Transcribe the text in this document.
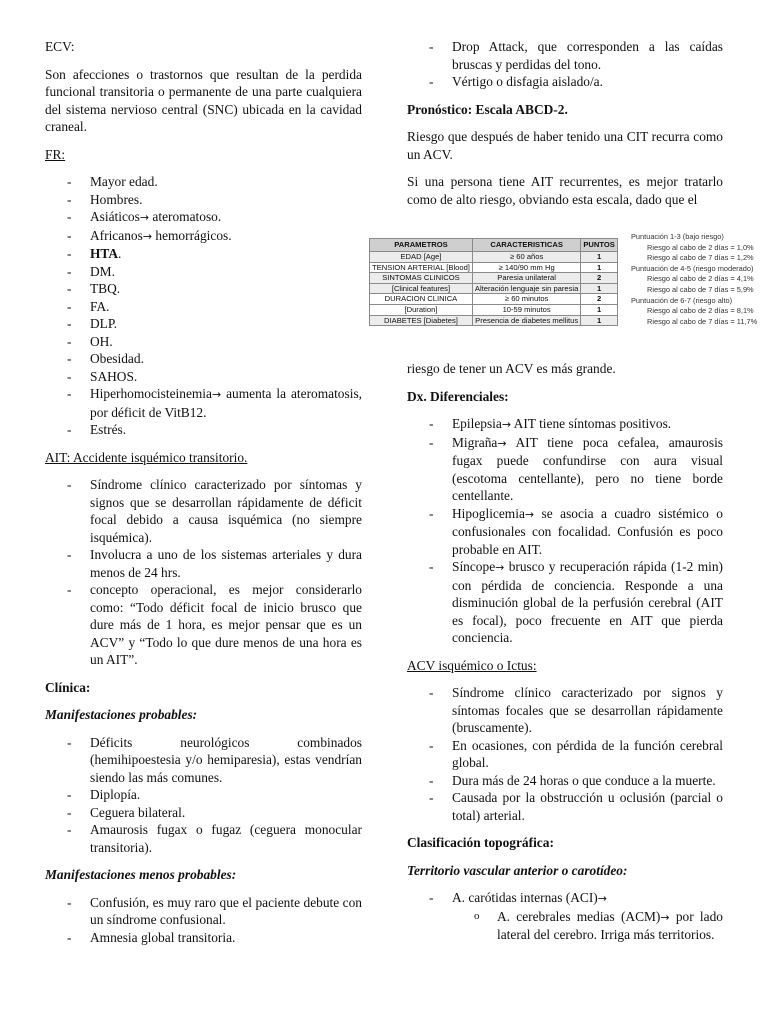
ECV:

Son afecciones o trastornos que resultan de la perdida funcional transitoria o permanente de una parte cualquiera del sistema nervioso central (SNC) ubicada en la cavidad craneal.

FR:

- Mayor edad.
- Hombres.
- Asiáticos→ ateromatoso.
- Africanos→ hemorrágicos.
- HTA.
- DM.
- TBQ.
- FA.
- DLP.
- OH.
- Obesidad.
- SAHOS.
- Hiperhomocisteinemia→ aumenta la ateromatosis, por déficit de VitB12.
- Estrés.

AIT: Accidente isquémico transitorio.

- Síndrome clínico caracterizado por síntomas y signos que se desarrollan rápidamente de déficit focal debido a causa isquémica (no siempre isquémica).
- Involucra a uno de los sistemas arteriales y dura menos de 24 hrs.
- concepto operacional, es mejor considerarlo como: “Todo déficit focal de inicio brusco que dure más de 1 hora, es mejor pensar que es un ACV” y “Todo lo que dure menos de una hora es un AIT”.

Clínica:

Manifestaciones probables:

- Déficits neurológicos combinados (hemihipoestesia y/o hemiparesia), estas vendrían siendo las más comunes.
- Diplopía.
- Ceguera bilateral.
- Amaurosis fugax o fugaz (ceguera monocular transitoria).

Manifestaciones menos probables:

- Confusión, es muy raro que el paciente debute con un síndrome confusional.
- Amnesia global transitoria.
- Drop Attack, que corresponden a las caídas bruscas y perdidas del tono.
- Vértigo o disfagia aislado/a.

Pronóstico: Escala ABCD-2.

Riesgo que después de haber tenido una CIT recurra como un ACV.

Si una persona tiene AIT recurrentes, es mejor tratarlo como de alto riesgo, obviando esta escala, dado que el

PARAMETROS	CARACTERISTICAS	PUNTOS
EDAD [Age]	≥ 60 años	1
TENSION ARTERIAL [Blood]	≥ 140/90 mm Hg	1
SINTOMAS CLINICOS	Paresia unilateral	2
[Clinical features]	Alteración lenguaje sin paresia	1
DURACION CLINICA	≥ 60 minutos	2
[Duration]	10-59 minutos	1
DIABETES [Diabetes]	Presencia de diabetes mellitus	1
Puntuación 1-3 (bajo riesgo)
Riesgo al cabo de 2 días = 1,0%
Riesgo al cabo de 7 días = 1,2%
Puntuación de 4-5 (riesgo moderado)
Riesgo al cabo de 2 días = 4,1%
Riesgo al cabo de 7 días = 5,9%
Puntuación de 6-7 (riesgo alto)
Riesgo al cabo de 2 días = 8,1%
Riesgo al cabo de 7 días = 11,7%

riesgo de tener un ACV es más grande.

Dx. Diferenciales:

- Epilepsia→ AIT tiene síntomas positivos.
- Migraña→ AIT tiene poca cefalea, amaurosis fugax puede confundirse con aura visual (escotoma centellante), pero no tiene borde centellante.
- Hipoglicemia→ se asocia a cuadro sistémico o confusionales con focalidad. Confusión es poco probable en AIT.
- Síncope→ brusco y recuperación rápida (1-2 min) con pérdida de conciencia. Responde a una disminución global de la perfusión cerebral (AIT es focal), poco frecuente en AIT que pierda conciencia.

ACV isquémico o Ictus:

- Síndrome clínico caracterizado por signos y síntomas focales que se desarrollan rápidamente (bruscamente).
- En ocasiones, con pérdida de la función cerebral global.
- Dura más de 24 horas o que conduce a la muerte.
- Causada por la obstrucción u oclusión (parcial o total) arterial.

Clasificación topográfica:

Territorio vascular anterior o carotídeo:

- A. carótidas internas (ACI)→
o A. cerebrales medias (ACM)→ por lado lateral del cerebro. Irriga más territorios.
